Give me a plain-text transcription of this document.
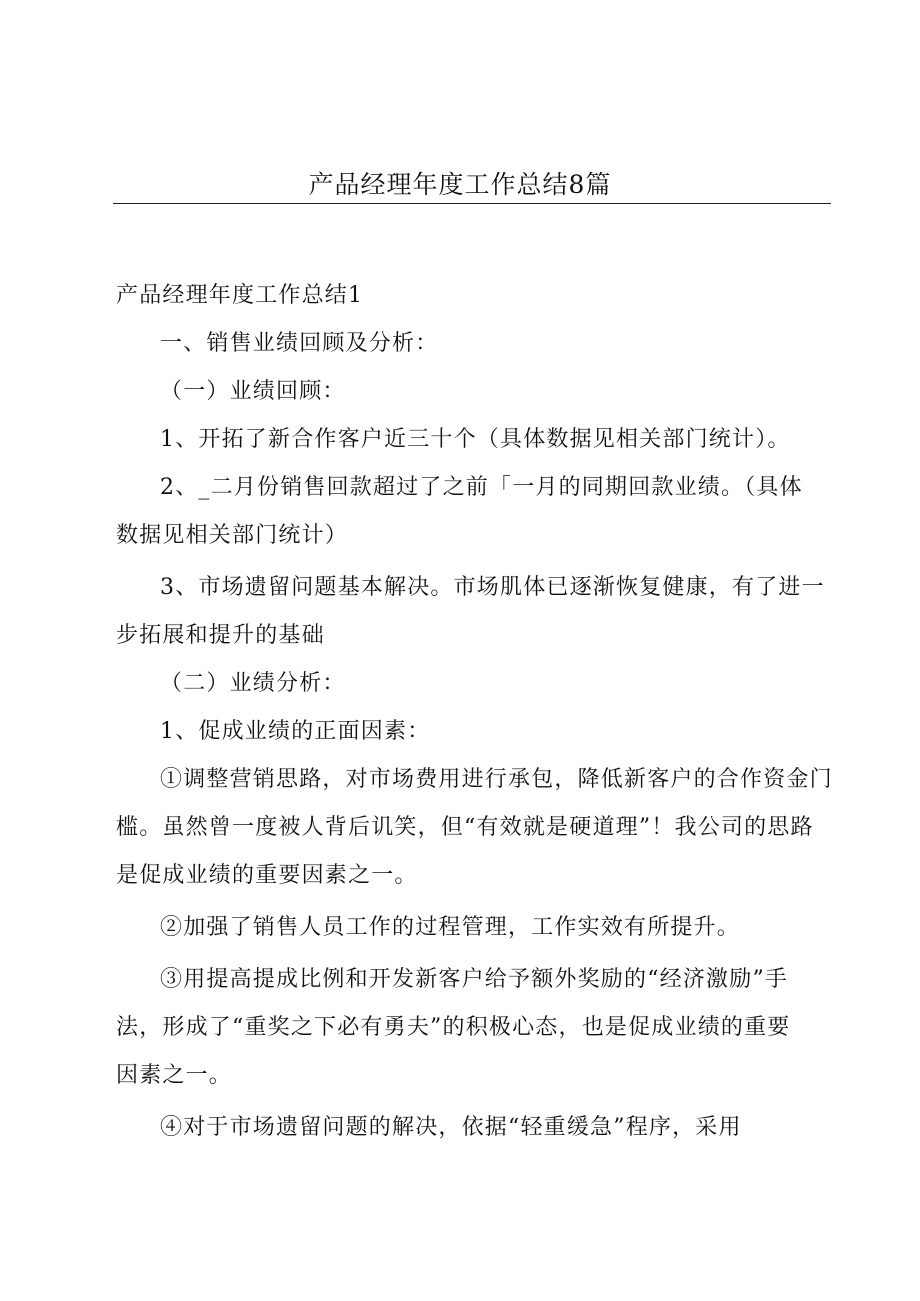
产品经理年度工作总结8篇

产品经理年度工作总结1

一、销售业绩回顾及分析：

（一）业绩回顾：

1、开拓了新合作客户近三十个（具体数据见相关部门统计）。

2、_二月份销售回款超过了之前「一月的同期回款业绩。（具体

数据见相关部门统计）

3、市场遗留问题基本解决。市场肌体已逐渐恢复健康，有了进一

步拓展和提升的基础

（二）业绩分析：

1、促成业绩的正面因素：

①调整营销思路，对市场费用进行承包，降低新客户的合作资金门

槛。虽然曾一度被人背后讥笑，但“有效就是硬道理”！我公司的思路

是促成业绩的重要因素之一。

②加强了销售人员工作的过程管理，工作实效有所提升。

③用提高提成比例和开发新客户给予额外奖励的“经济激励”手

法，形成了“重奖之下必有勇夫”的积极心态，也是促成业绩的重要

因素之一。

④对于市场遗留问题的解决，依据“轻重缓急”程序，采用
